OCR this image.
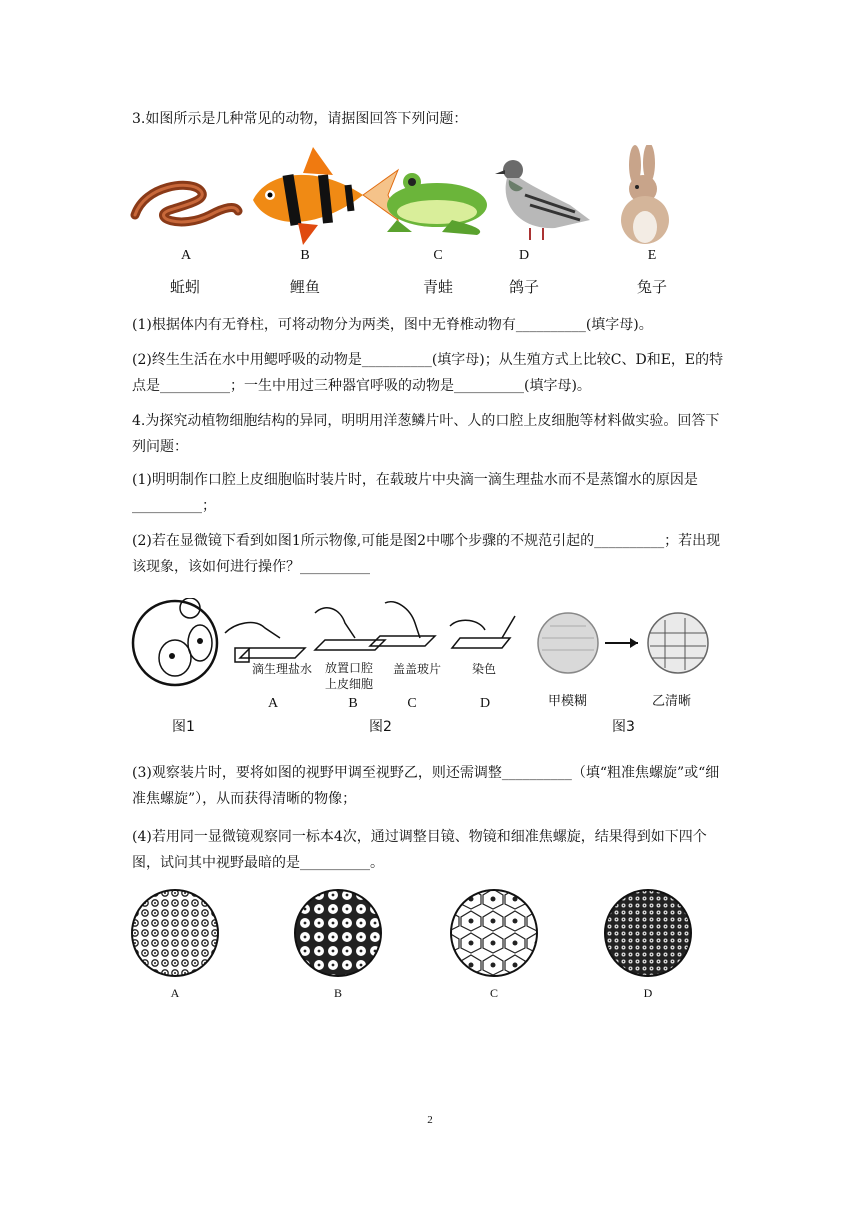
3.如图所示是几种常见的动物，请据图回答下列问题：

A	B	C	D	E
蚯蚓	鲤鱼	青蛙	鸽子	兔子

(1)根据体内有无脊柱，可将动物分为两类，图中无脊椎动物有__________(填字母)。

(2)终生生活在水中用鳃呼吸的动物是__________(填字母)；从生殖方式上比较C、D和E，E的特点是__________；一生中用过三种器官呼吸的动物是__________(填字母)。

4.为探究动植物细胞结构的异同，明明用洋葱鳞片叶、人的口腔上皮细胞等材料做实验。回答下列问题：

(1)明明制作口腔上皮细胞临时装片时，在载玻片中央滴一滴生理盐水而不是蒸馏水的原因是__________；

(2)若在显微镜下看到如图1所示物像,可能是图2中哪个步骤的不规范引起的__________；若出现该现象，该如何进行操作？__________

滴生理盐水 放置口腔上皮细胞
盖盖玻片	染色
A	B	C	D	甲模糊	乙清晰
图1	图2	图3

(3)观察装片时，要将如图的视野甲调至视野乙，则还需调整__________（填“粗准焦螺旋”或“细准焦螺旋”），从而获得清晰的物像；

(4)若用同一显微镜观察同一标本4次，通过调整目镜、物镜和细准焦螺旋，结果得到如下四个图，试问其中视野最暗的是__________。

A	B	C	D
2
